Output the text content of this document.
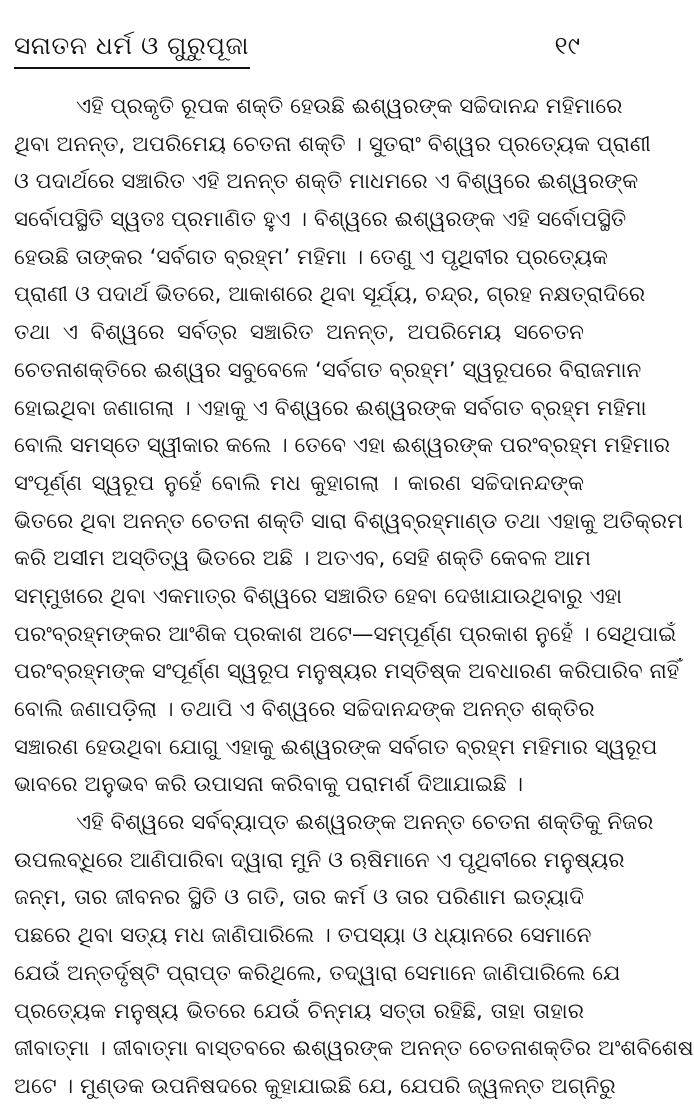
ସନାତନ ଧର୍ମ ଓ ଗୁରୁପୂଜା	୧୯
ଏହି ପ୍ରକୃତି ରୂପକ ଶକ୍ତି ହେଉଛି ଈଶ୍ୱରଙ୍କ ସଚ୍ଚିଦାନନ୍ଦ ମହିମାରେ
ଥିବା ଅନନ୍ତ, ଅପରିମେୟ ଚେତନା ଶକ୍ତି । ସୁତରାଂ ବିଶ୍ୱର ପ୍ରତ୍ୟେକ ପ୍ରାଣୀ
ଓ ପଦାର୍ଥରେ ସଞ୍ଚାରିତ ଏହି ଅନନ୍ତ ଶକ୍ତି ମାଧମରେ ଏ ବିଶ୍ୱରେ ଈଶ୍ୱରଙ୍କ
ସର୍ବୋପସ୍ଥିତି ସ୍ୱତଃ ପ୍ରମାଣିତ ହୁଏ । ବିଶ୍ୱରେ ଈଶ୍ୱରଙ୍କ ଏହି ସର୍ବୋପସ୍ଥିତି
ହେଉଛି ତାଙ୍କର ‘ସର୍ବଗତ ବ୍ରହ୍ମ’ ମହିମା । ତେଣୁ ଏ ପୃଥିବୀର ପ୍ରତ୍ୟେକ
ପ୍ରାଣୀ ଓ ପଦାର୍ଥ ଭିତରେ, ଆକାଶରେ ଥିବା ସୂର୍ଯ୍ୟ, ଚନ୍ଦ୍ର, ଗ୍ରହ ନକ୍ଷତ୍ରାଦିରେ
ତଥା ଏ ବିଶ୍ୱରେ ସର୍ବତ୍ର ସଞ୍ଚାରିତ ଅନନ୍ତ, ଅପରିମେୟ ସଚେତନ
ଚେତନାଶକ୍ତିରେ ଈଶ୍ୱର ସବୁବେଳେ ‘ସର୍ବଗତ ବ୍ରହ୍ମ’ ସ୍ୱରୂପରେ ବିରାଜମାନ
ହୋଇଥିବା ଜଣାଗଲା । ଏହାକୁ ଏ ବିଶ୍ୱରେ ଈଶ୍ୱରଙ୍କ ସର୍ବଗତ ବ୍ରହ୍ମ ମହିମା
ବୋଲି ସମସ୍ତେ ସ୍ୱୀକାର କଲେ । ତେବେ ଏହା ଈଶ୍ୱରଙ୍କ ପରଂବ୍ରହ୍ମ ମହିମାର
ସଂପୂର୍ଣ୍ଣ ସ୍ୱରୂପ ନୁହେଁ ବୋଲି ମଧ କୁହାଗଲା । କାରଣ ସଚ୍ଚିଦାନନ୍ଦଙ୍କ
ଭିତରେ ଥିବା ଅନନ୍ତ ଚେତନା ଶକ୍ତି ସାରା ବିଶ୍ୱବ୍ରହ୍ମାଣ୍ଡ ତଥା ଏହାକୁ ଅତିକ୍ରମ
କରି ଅସୀମ ଅସ୍ତିତ୍ୱ ଭିତରେ ଅଛି । ଅତଏବ, ସେହି ଶକ୍ତି କେବଳ ଆମ
ସମ୍ମୁଖରେ ଥିବା ଏକମାତ୍ର ବିଶ୍ୱରେ ସଞ୍ଚାରିତ ହେବା ଦେଖାଯାଉଥିବାରୁ ଏହା
ପରଂବ୍ରହ୍ମଙ୍କର ଆଂଶିକ ପ୍ରକାଶ ଅଟେ—ସମ୍ପୂର୍ଣ୍ଣ ପ୍ରକାଶ ନୁହେଁ । ସେଥିପାଇଁ
ପରଂବ୍ରହ୍ମଙ୍କ ସଂପୂର୍ଣ୍ଣ ସ୍ୱରୂପ ମନୁଷ୍ୟର ମସ୍ତିଷ୍କ ଅବଧାରଣ କରିପାରିବ ନାହିଁ
ବୋଲି ଜଣାପଡ଼ିଲା । ତଥାପି ଏ ବିଶ୍ୱରେ ସଚ୍ଚିଦାନନ୍ଦଙ୍କ ଅନନ୍ତ ଶକ୍ତିର
ସଞ୍ଚାରଣ ହେଉଥିବା ଯୋଗୁ ଏହାକୁ ଈଶ୍ୱରଙ୍କ ସର୍ବଗତ ବ୍ରହ୍ମ ମହିମାର ସ୍ୱରୂପ
ଭାବରେ ଅନୁଭବ କରି ଉପାସନା କରିବାକୁ ପରାମର୍ଶ ଦିଆଯାଇଛି ।
ଏହି ବିଶ୍ୱରେ ସର୍ବବ୍ୟାପ୍ତ ଈଶ୍ୱରଙ୍କ ଅନନ୍ତ ଚେତନା ଶକ୍ତିକୁ ନିଜର
ଉପଲବ୍ଧିରେ ଆଣିପାରିବା ଦ୍ୱାରା ମୁନି ଓ ଋଷିମାନେ ଏ ପୃଥିବୀରେ ମନୁଷ୍ୟର
ଜନ୍ମ, ତାର ଜୀବନର ସ୍ଥିତି ଓ ଗତି, ତାର କର୍ମ ଓ ତାର ପରିଣାମ ଇତ୍ୟାଦି
ପଛରେ ଥିବା ସତ୍ୟ ମଧ ଜାଣିପାରିଲେ । ତପସ୍ୟା ଓ ଧ୍ୟାନରେ ସେମାନେ
ଯେଉଁ ଅନ୍ତର୍ଦୃଷ୍ଟି ପ୍ରାପ୍ତ କରିଥିଲେ, ତଦ୍ୱାରା ସେମାନେ ଜାଣିପାରିଲେ ଯେ
ପ୍ରତ୍ୟେକ ମନୁଷ୍ୟ ଭିତରେ ଯେଉଁ ଚିନ୍ମୟ ସତ୍ତା ରହିଛି, ତାହା ତାହାର
ଜୀବାତ୍ମା । ଜୀବାତ୍ମା ବାସ୍ତବରେ ଈଶ୍ୱରଙ୍କ ଅନନ୍ତ ଚେତନାଶକ୍ତିର ଅଂଶବିଶେଷ
ଅଟେ । ମୁଣ୍ଡକ ଉପନିଷଦରେ କୁହାଯାଇଛି ଯେ, ଯେପରି ଜ୍ୱଳନ୍ତ ଅଗ୍ନିରୁ
